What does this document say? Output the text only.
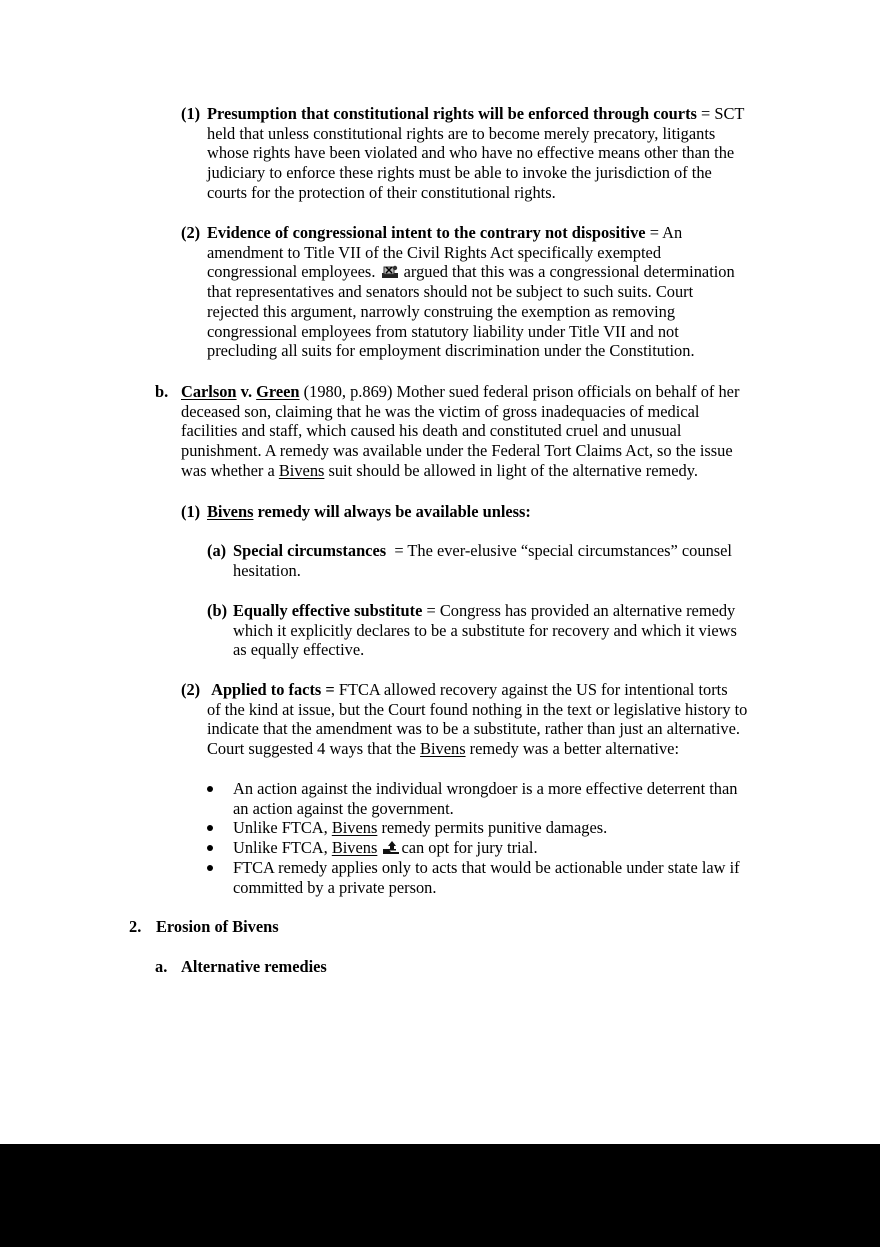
(1) Presumption that constitutional rights will be enforced through courts = SCT
held that unless constitutional rights are to become merely precatory, litigants
whose rights have been violated and who have no effective means other than the
judiciary to enforce these rights must be able to invoke the jurisdiction of the
courts for the protection of their constitutional rights.
(2) Evidence of congressional intent to the contrary not dispositive = An
amendment to Title VII of the Civil Rights Act specifically exempted
congressional employees. argued that this was a congressional determination
that representatives and senators should not be subject to such suits. Court
rejected this argument, narrowly construing the exemption as removing
congressional employees from statutory liability under Title VII and not
precluding all suits for employment discrimination under the Constitution.
b. Carlson v. Green (1980, p.869) Mother sued federal prison officials on behalf of her
deceased son, claiming that he was the victim of gross inadequacies of medical
facilities and staff, which caused his death and constituted cruel and unusual
punishment. A remedy was available under the Federal Tort Claims Act, so the issue
was whether a Bivens suit should be allowed in light of the alternative remedy.
(1) Bivens remedy will always be available unless:
(a) Special circumstances  = The ever-elusive “special circumstances” counsel
hesitation.
(b) Equally effective substitute = Congress has provided an alternative remedy
which it explicitly declares to be a substitute for recovery and which it views
as equally effective.
(2) Applied to facts = FTCA allowed recovery against the US for intentional torts
of the kind at issue, but the Court found nothing in the text or legislative history to
indicate that the amendment was to be a substitute, rather than just an alternative.
Court suggested 4 ways that the Bivens remedy was a better alternative:
An action against the individual wrongdoer is a more effective deterrent than
an action against the government.
Unlike FTCA, Bivens remedy permits punitive damages.
Unlike FTCA, Bivens can opt for jury trial.
FTCA remedy applies only to acts that would be actionable under state law if
committed by a private person.
2. Erosion of Bivens
a. Alternative remedies
